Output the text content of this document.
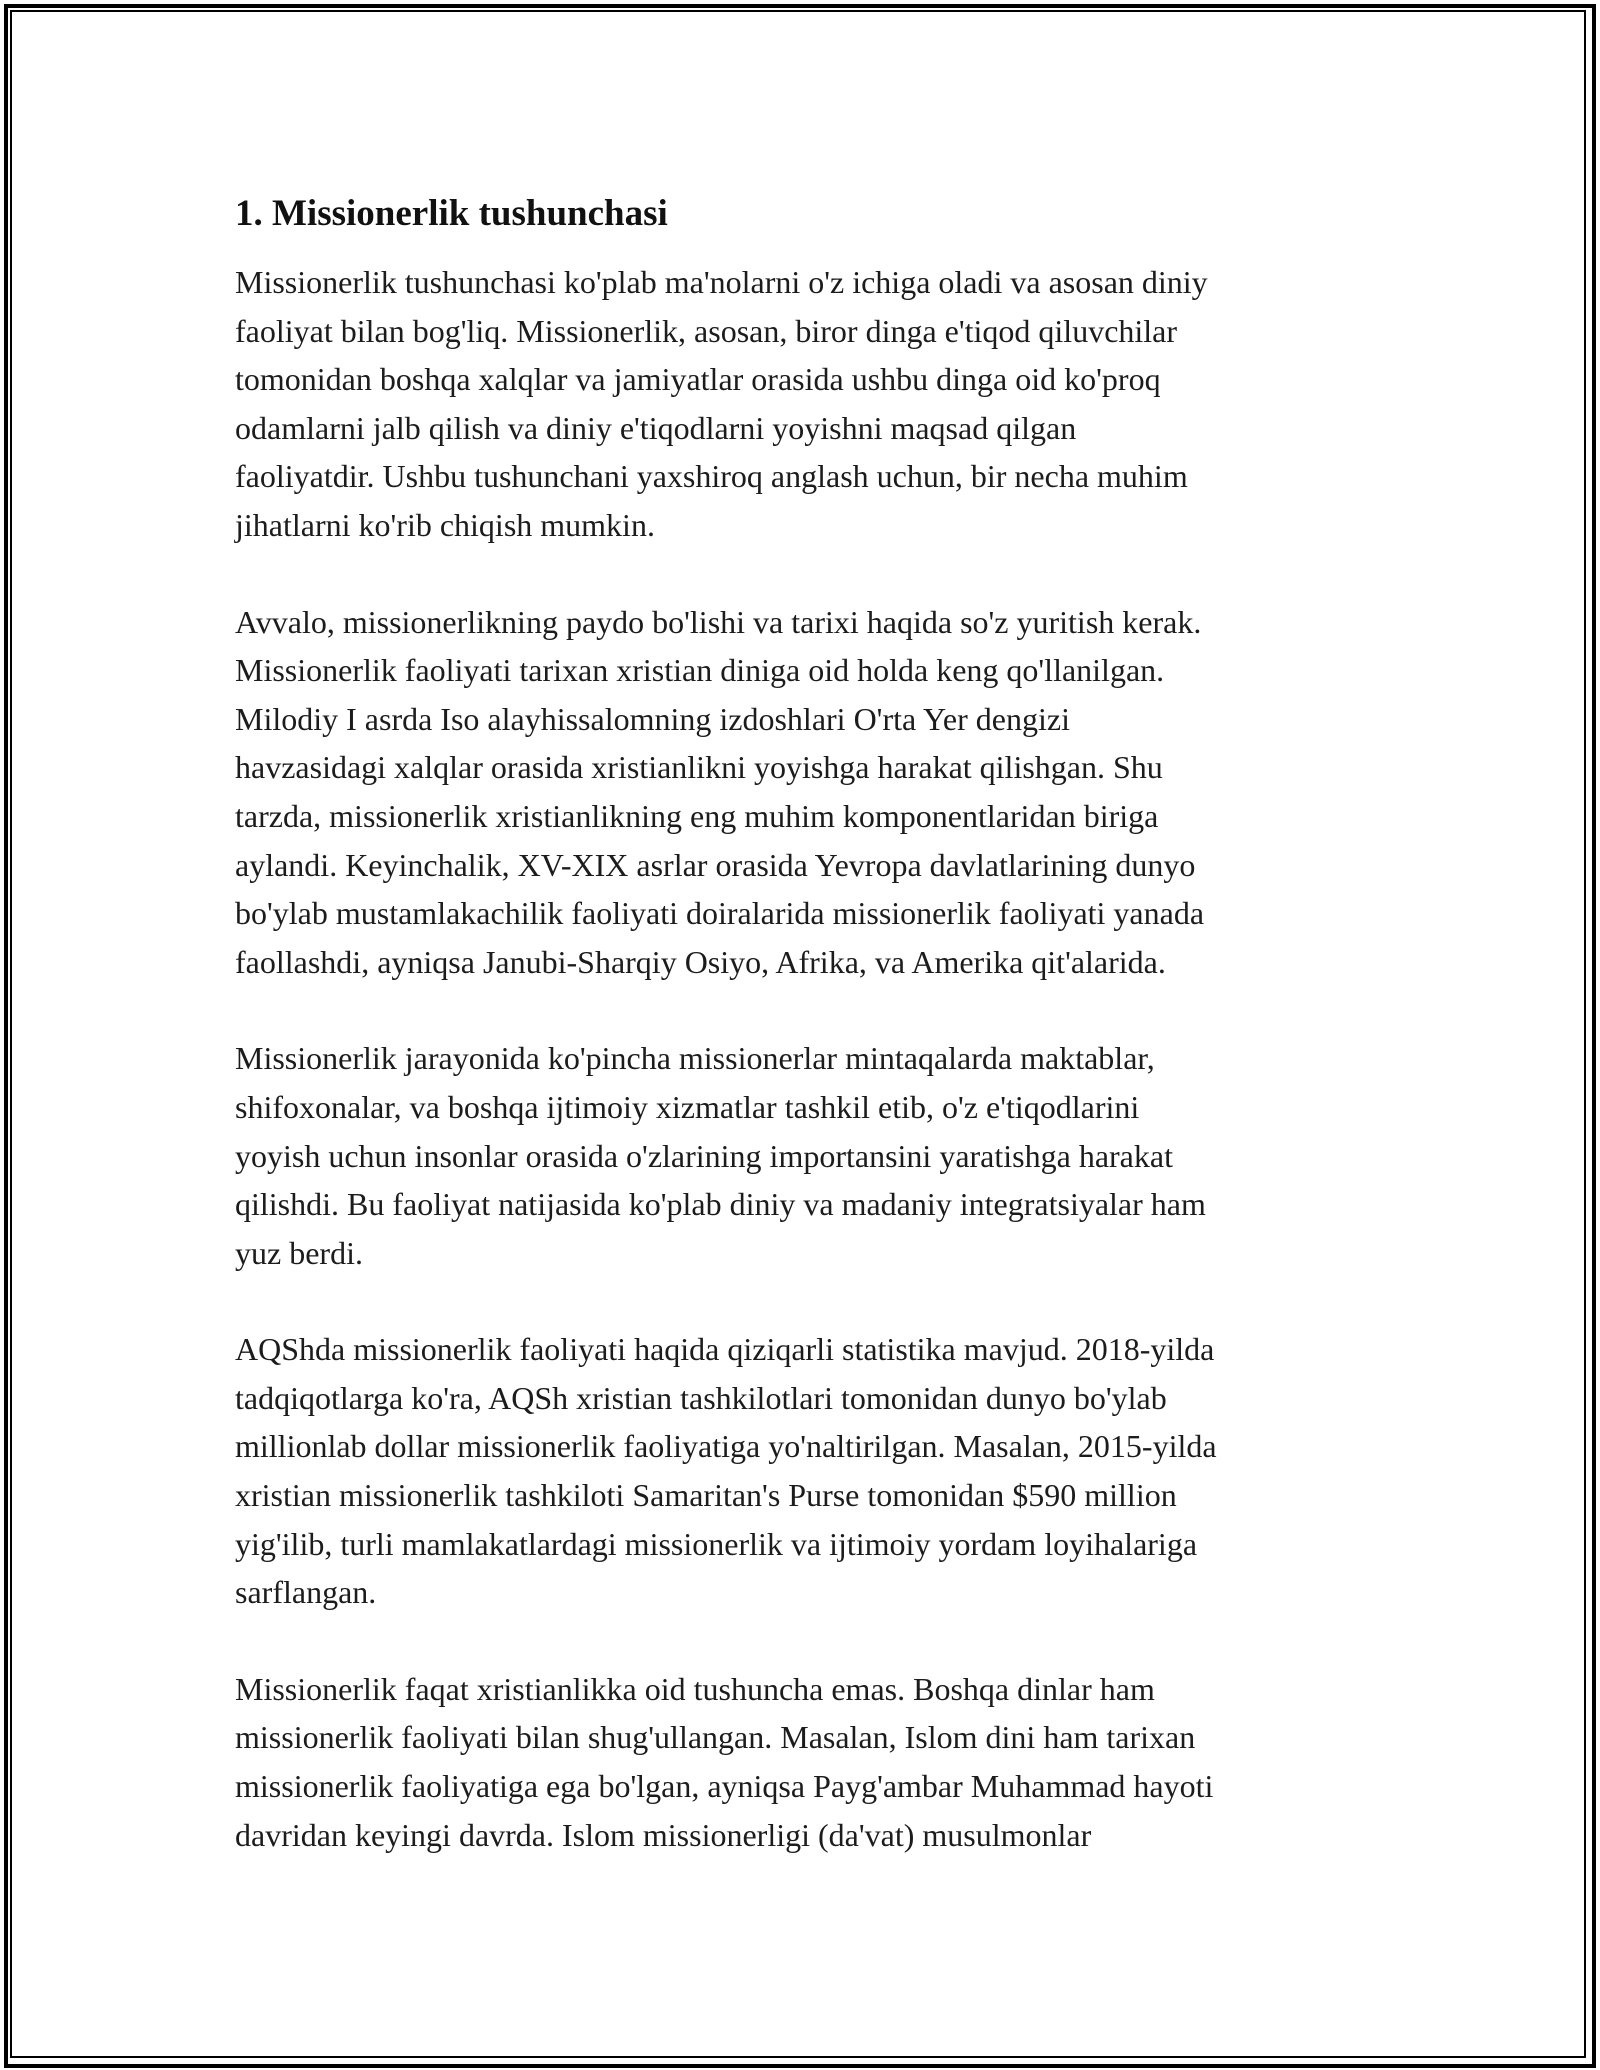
1. Missionerlik tushunchasi

Missionerlik tushunchasi ko'plab ma'nolarni o'z ichiga oladi va asosan diniy
faoliyat bilan bog'liq. Missionerlik, asosan, biror dinga e'tiqod qiluvchilar
tomonidan boshqa xalqlar va jamiyatlar orasida ushbu dinga oid ko'proq
odamlarni jalb qilish va diniy e'tiqodlarni yoyishni maqsad qilgan
faoliyatdir. Ushbu tushunchani yaxshiroq anglash uchun, bir necha muhim
jihatlarni ko'rib chiqish mumkin.

Avvalo, missionerlikning paydo bo'lishi va tarixi haqida so'z yuritish kerak.
Missionerlik faoliyati tarixan xristian diniga oid holda keng qo'llanilgan.
Milodiy I asrda Iso alayhissalomning izdoshlari O'rta Yer dengizi
havzasidagi xalqlar orasida xristianlikni yoyishga harakat qilishgan. Shu
tarzda, missionerlik xristianlikning eng muhim komponentlaridan biriga
aylandi. Keyinchalik, XV-XIX asrlar orasida Yevropa davlatlarining dunyo
bo'ylab mustamlakachilik faoliyati doiralarida missionerlik faoliyati yanada
faollashdi, ayniqsa Janubi-Sharqiy Osiyo, Afrika, va Amerika qit'alarida.

Missionerlik jarayonida ko'pincha missionerlar mintaqalarda maktablar,
shifoxonalar, va boshqa ijtimoiy xizmatlar tashkil etib, o'z e'tiqodlarini
yoyish uchun insonlar orasida o'zlarining importansini yaratishga harakat
qilishdi. Bu faoliyat natijasida ko'plab diniy va madaniy integratsiyalar ham
yuz berdi.

AQShda missionerlik faoliyati haqida qiziqarli statistika mavjud. 2018-yilda
tadqiqotlarga ko'ra, AQSh xristian tashkilotlari tomonidan dunyo bo'ylab
millionlab dollar missionerlik faoliyatiga yo'naltirilgan. Masalan, 2015-yilda
xristian missionerlik tashkiloti Samaritan's Purse tomonidan $590 million
yig'ilib, turli mamlakatlardagi missionerlik va ijtimoiy yordam loyihalariga
sarflangan.

Missionerlik faqat xristianlikka oid tushuncha emas. Boshqa dinlar ham
missionerlik faoliyati bilan shug'ullangan. Masalan, Islom dini ham tarixan
missionerlik faoliyatiga ega bo'lgan, ayniqsa Payg'ambar Muhammad hayoti
davridan keyingi davrda. Islom missionerligi (da'vat) musulmonlar
